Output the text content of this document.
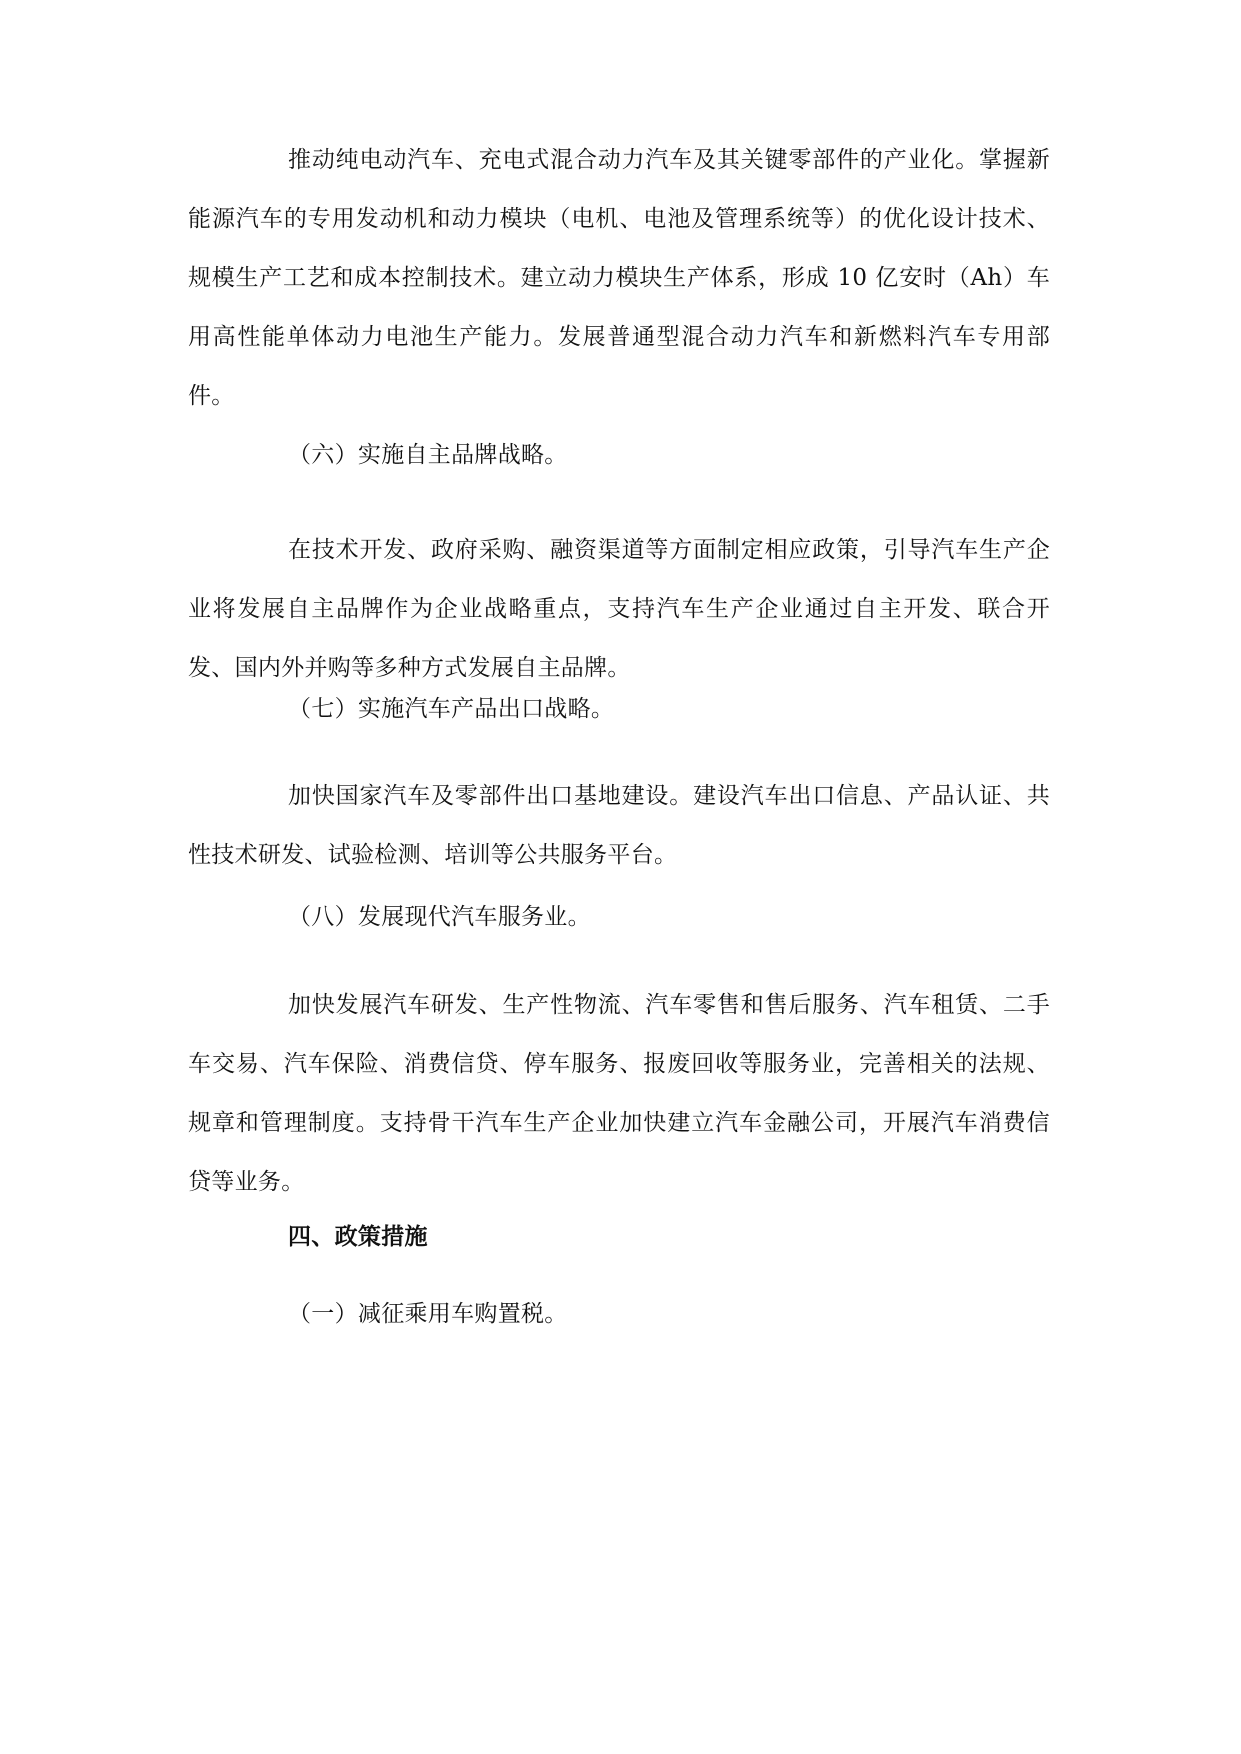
推动纯电动汽车、充电式混合动力汽车及其关键零部件的产业化。掌握新能源汽车的专用发动机和动力模块（电机、电池及管理系统等）的优化设计技术、规模生产工艺和成本控制技术。建立动力模块生产体系，形成 10 亿安时（Ah）车用高性能单体动力电池生产能力。发展普通型混合动力汽车和新燃料汽车专用部件。

（六）实施自主品牌战略。

在技术开发、政府采购、融资渠道等方面制定相应政策，引导汽车生产企业将发展自主品牌作为企业战略重点，支持汽车生产企业通过自主开发、联合开发、国内外并购等多种方式发展自主品牌。

（七）实施汽车产品出口战略。

加快国家汽车及零部件出口基地建设。建设汽车出口信息、产品认证、共性技术研发、试验检测、培训等公共服务平台。

（八）发展现代汽车服务业。

加快发展汽车研发、生产性物流、汽车零售和售后服务、汽车租赁、二手车交易、汽车保险、消费信贷、停车服务、报废回收等服务业，完善相关的法规、规章和管理制度。支持骨干汽车生产企业加快建立汽车金融公司，开展汽车消费信贷等业务。

四、政策措施

（一）减征乘用车购置税。
